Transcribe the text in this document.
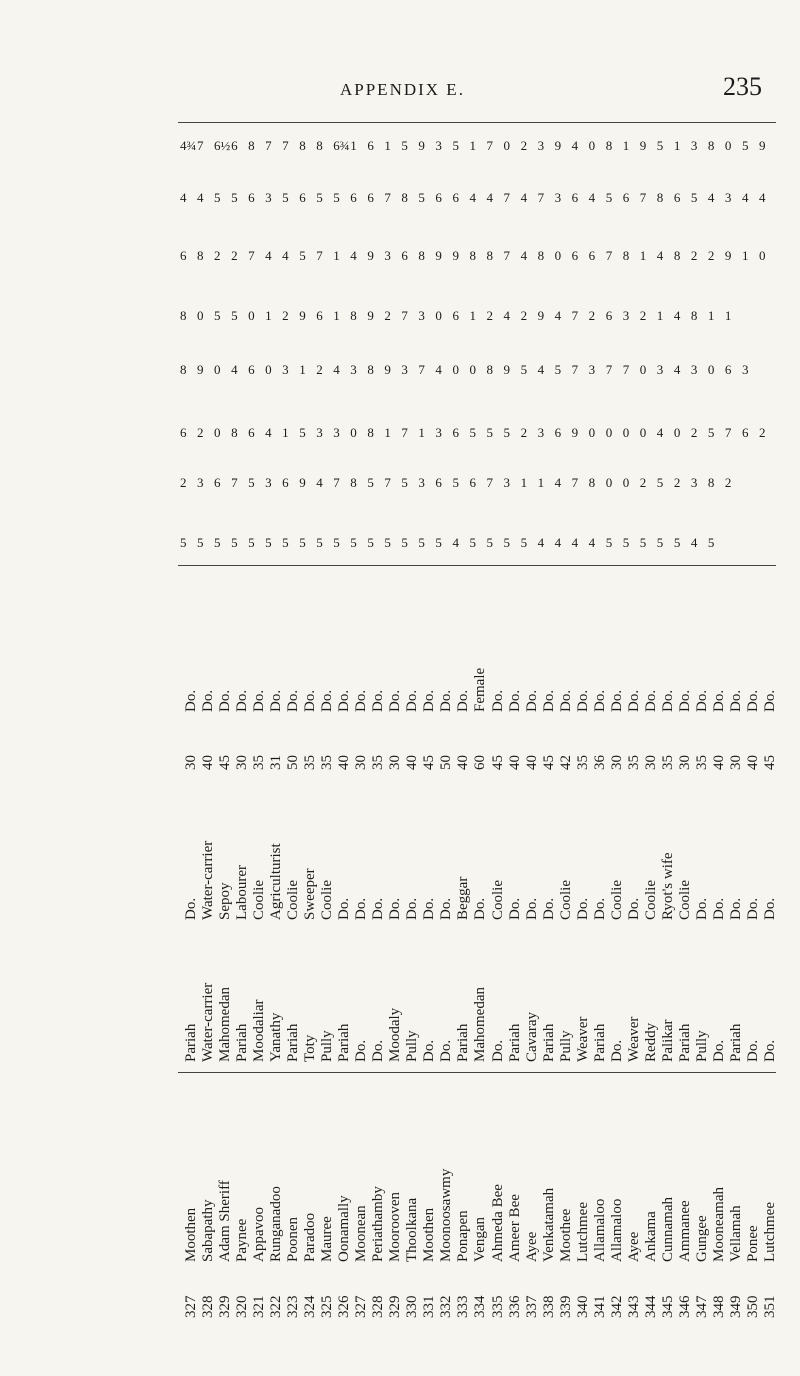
APPENDIX E.	235
4¾ 7 6½ 6 8 7 7 8 8 6¾ 1 6 1 5 9 3 5 1 7 0 2 3 9 4 0 8 1 9 5 1 3 8 0 5 9
4 4 5 5 6 3 5 6 5 5 6 6 7 8 5 6 6 4 4 7 4 7 3 6 4 5 6 7 8 6 5 4 3 4 4
6 8 2 2 7 4 4 5 7 1 4 9 3 6 8 9 9 8 8 7 4 8 0 6 6 7 8 1 4 8 2 2 9 1 0
8 0 5 5 0 1 2 9 6 1 8 9 2 7 3 0 6 1 2 4 2 9 4 7 2 6 3 2 1 4 8 1 1
8 9 0 4 6 0 3 1 2 4 3 8 9 3 7 4 0 0 8 9 5 4 5 7 3 7 7 0 3 4 3 0 6 3
6 2 0 8 6 4 1 5 3 3 0 8 1 7 1 3 6 5 5 5 2 3 6 9 0 0 0 0 4 0 2 5 7 6 2
2 3 6 7 5 3 6 9 4 7 8 5 7 5 3 6 5 6 7 3 1 1 4 7 8 0 0 2 5 2 3 8 2
5 5 5 5 5 5 5 5 5 5 5 5 5 5 5 5 4 5 5 5 5 4 4 4 4 5 5 5 5 5 4 5
Do.
30
Do.
Pariah
Moothen
327
Do.
40
Water-carrier
Water-carrier
Sabapathy
328
Do.
45
Sepoy
Mahomedan
Adam Sheriff
329
Do.
30
Labourer
Pariah
Paynee
320
Do.
35
Coolie
Moodaliar
Appavoo
321
Do.
31
Agriculturist
Yanathy
Runganadoo
322
Do.
50
Coolie
Pariah
Poonen
323
Do.
35
Sweeper
Toty
Paradoo
324
Do.
35
Coolie
Pully
Mauree
325
Do.
40
Do.
Pariah
Oonamally
326
Do.
30
Do.
Do.
Moonean
327
Do.
35
Do.
Do.
Periathamby
328
Do.
30
Do.
Moodaly
Moorooven
329
Do.
40
Do.
Pully
Thoolkana
330
Do.
45
Do.
Do.
Moothen
331
Do.
50
Do.
Do.
Moonoosawmy
332
Do.
40
Beggar
Pariah
Ponapen
333
Female
60
Do.
Mahomedan
Vengan
334
Do.
45
Coolie
Do.
Ahmeda Bee
335
Do.
40
Do.
Pariah
Ameer Bee
336
Do.
40
Do.
Cavaray
Ayee
337
Do.
45
Do.
Pariah
Venkatamah
338
Do.
42
Coolie
Pully
Moothee
339
Do.
35
Do.
Weaver
Lutchmee
340
Do.
36
Do.
Pariah
Allamaloo
341
Do.
30
Coolie
Do.
Allamaloo
342
Do.
35
Do.
Weaver
Ayee
343
Do.
30
Coolie
Reddy
Ankama
344
Do.
35
Ryot's wife
Palikar
Cunnamah
345
Do.
30
Coolie
Pariah
Ammanee
346
Do.
35
Do.
Pully
Gungee
347
Do.
40
Do.
Do.
Mooneamah
348
Do.
30
Do.
Pariah
Vellamah
349
Do.
40
Do.
Do.
Ponee
350
Do.
45
Do.
Do.
Lutchmee
351
